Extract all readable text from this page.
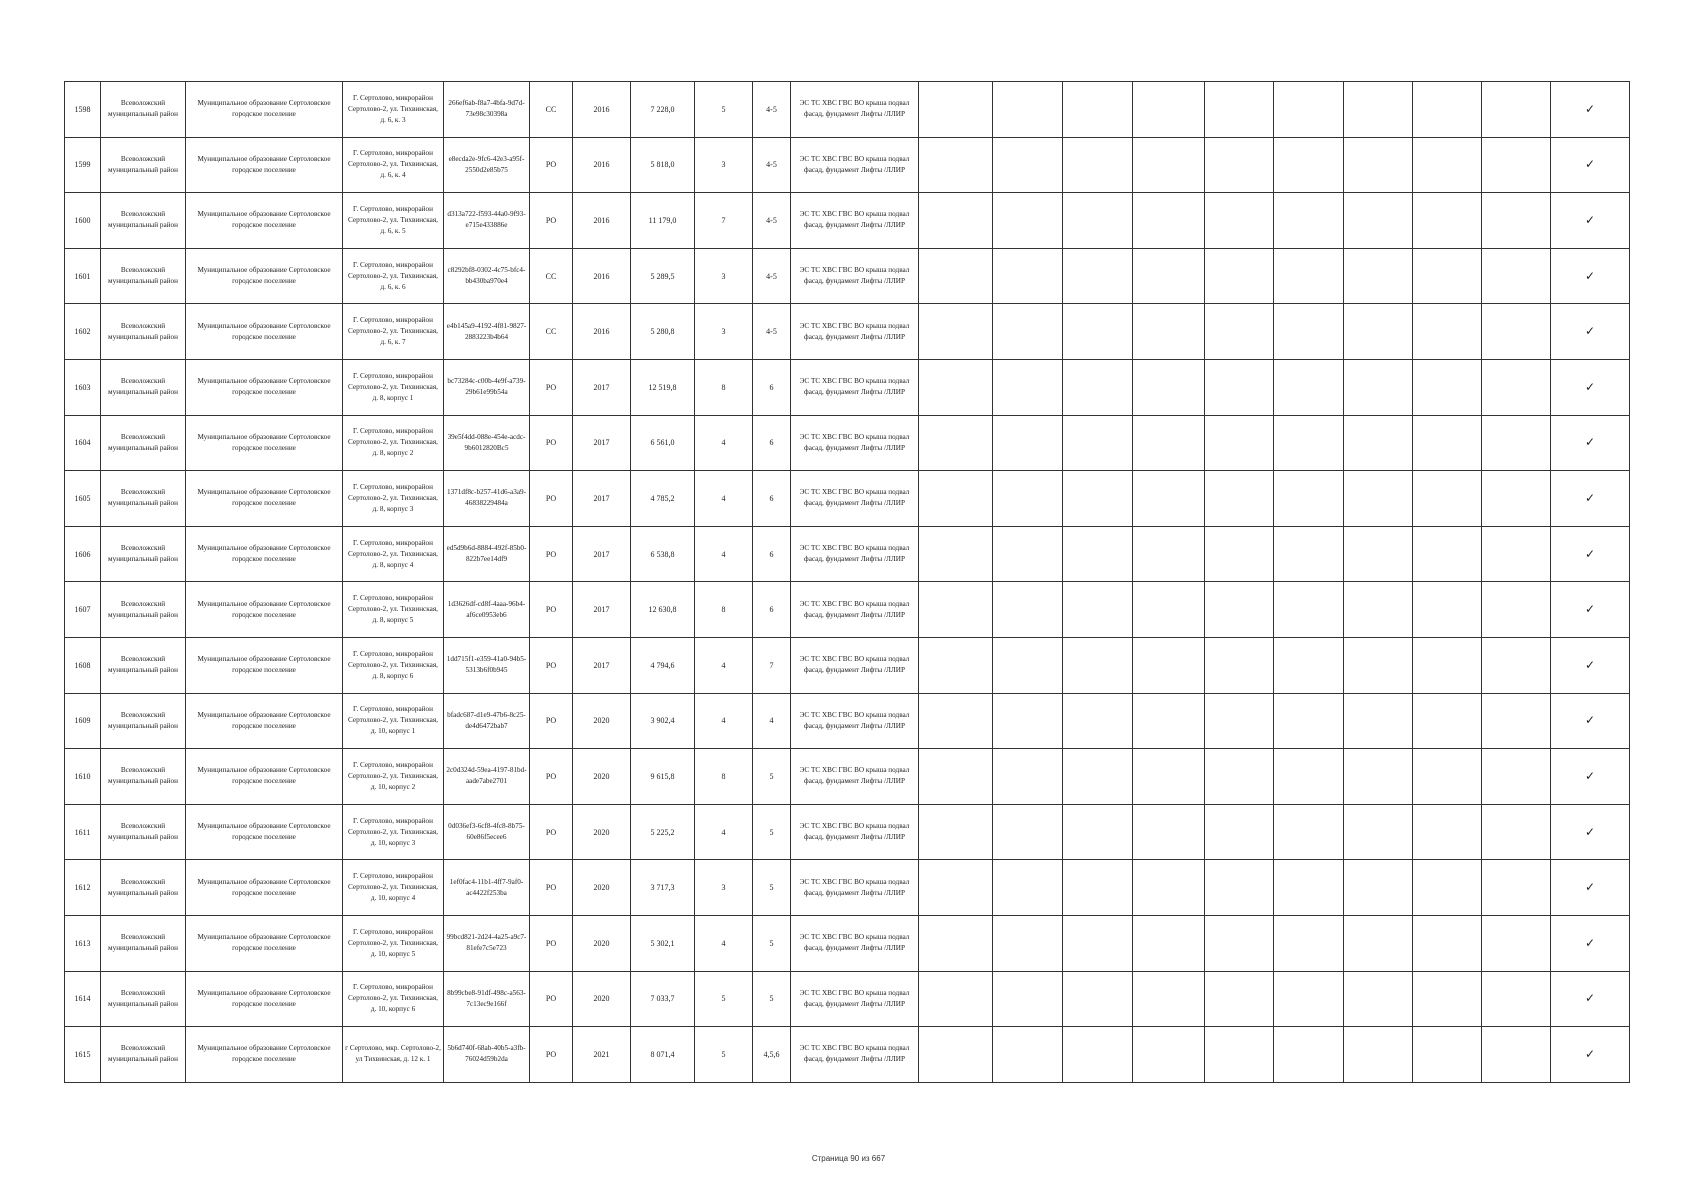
1598	Всеволожский муниципальный район	Муниципальное образование Сертоловское городское поселение	Г. Сертолово, микрорайон Сертолово-2, ул. Тихвинская, д. 6, к. 3	266ef6ab-f8a7-4bfa-9d7d-73e98c30398a	СС	2016	7 228,0	5	4-5	ЭС ТС ХВС ГВС ВО крыша подвал фасад, фундамент Лифты /ЛЛИР										✓
1599	Всеволожский муниципальный район	Муниципальное образование Сертоловское городское поселение	Г. Сертолово, микрорайон Сертолово-2, ул. Тихвинская, д. 6, к. 4	e8ecda2e-9fc6-42e3-a95f-2550d2e85b75	РО	2016	5 818,0	3	4-5	ЭС ТС ХВС ГВС ВО крыша подвал фасад, фундамент Лифты /ЛЛИР										✓
1600	Всеволожский муниципальный район	Муниципальное образование Сертоловское городское поселение	Г. Сертолово, микрорайон Сертолово-2, ул. Тихвинская, д. 6, к. 5	d313a722-f593-44a0-9f93-e715e433886e	РО	2016	11 179,0	7	4-5	ЭС ТС ХВС ГВС ВО крыша подвал фасад, фундамент Лифты /ЛЛИР										✓
1601	Всеволожский муниципальный район	Муниципальное образование Сертоловское городское поселение	Г. Сертолово, микрорайон Сертолово-2, ул. Тихвинская, д. 6, к. 6	c8292bf8-0302-4c75-bfc4-bb430ba970e4	СС	2016	5 289,5	3	4-5	ЭС ТС ХВС ГВС ВО крыша подвал фасад, фундамент Лифты /ЛЛИР										✓
1602	Всеволожский муниципальный район	Муниципальное образование Сертоловское городское поселение	Г. Сертолово, микрорайон Сертолово-2, ул. Тихвинская, д. 6, к. 7	e4b145a9-4192-4f81-9827-2883223b4b64	СС	2016	5 280,8	3	4-5	ЭС ТС ХВС ГВС ВО крыша подвал фасад, фундамент Лифты /ЛЛИР										✓
1603	Всеволожский муниципальный район	Муниципальное образование Сертоловское городское поселение	Г. Сертолово, микрорайон Сертолово-2, ул. Тихвинская, д. 8, корпус 1	bc73284c-c00b-4e9f-a739-29b61e99b54a	РО	2017	12 519,8	8	6	ЭС ТС ХВС ГВС ВО крыша подвал фасад, фундамент Лифты /ЛЛИР										✓
1604	Всеволожский муниципальный район	Муниципальное образование Сертоловское городское поселение	Г. Сертолово, микрорайон Сертолово-2, ул. Тихвинская, д. 8, корпус 2	39e5f4dd-088e-454e-acdc-9b6012820Bc5	РО	2017	6 561,0	4	6	ЭС ТС ХВС ГВС ВО крыша подвал фасад, фундамент Лифты /ЛЛИР										✓
1605	Всеволожский муниципальный район	Муниципальное образование Сертоловское городское поселение	Г. Сертолово, микрорайон Сертолово-2, ул. Тихвинская, д. 8, корпус 3	1371df8c-b257-41d6-a3a9-46838229484a	РО	2017	4 785,2	4	6	ЭС ТС ХВС ГВС ВО крыша подвал фасад, фундамент Лифты /ЛЛИР										✓
1606	Всеволожский муниципальный район	Муниципальное образование Сертоловское городское поселение	Г. Сертолово, микрорайон Сертолово-2, ул. Тихвинская, д. 8, корпус 4	ed5d9b6d-8884-492f-85b0-822b7ee14df9	РО	2017	6 538,8	4	6	ЭС ТС ХВС ГВС ВО крыша подвал фасад, фундамент Лифты /ЛЛИР										✓
1607	Всеволожский муниципальный район	Муниципальное образование Сертоловское городское поселение	Г. Сертолово, микрорайон Сертолово-2, ул. Тихвинская, д. 8, корпус 5	1d3626df-cd8f-4aaa-96b4-af6ce0953eb6	РО	2017	12 630,8	8	6	ЭС ТС ХВС ГВС ВО крыша подвал фасад, фундамент Лифты /ЛЛИР										✓
1608	Всеволожский муниципальный район	Муниципальное образование Сертоловское городское поселение	Г. Сертолово, микрорайон Сертолово-2, ул. Тихвинская, д. 8, корпус 6	1dd715f1-e359-41a0-94b5-5313b6f0b945	РО	2017	4 794,6	4	7	ЭС ТС ХВС ГВС ВО крыша подвал фасад, фундамент Лифты /ЛЛИР										✓
1609	Всеволожский муниципальный район	Муниципальное образование Сертоловское городское поселение	Г. Сертолово, микрорайон Сертолово-2, ул. Тихвинская, д. 10, корпус 1	bfadc687-d1e9-47b6-8c25-de4d6472bab7	РО	2020	3 902,4	4	4	ЭС ТС ХВС ГВС ВО крыша подвал фасад, фундамент Лифты /ЛЛИР										✓
1610	Всеволожский муниципальный район	Муниципальное образование Сертоловское городское поселение	Г. Сертолово, микрорайон Сертолово-2, ул. Тихвинская, д. 10, корпус 2	2c0d324d-59ea-4197-81bd-aade7abe2701	РО	2020	9 615,8	8	5	ЭС ТС ХВС ГВС ВО крыша подвал фасад, фундамент Лифты /ЛЛИР										✓
1611	Всеволожский муниципальный район	Муниципальное образование Сертоловское городское поселение	Г. Сертолово, микрорайон Сертолово-2, ул. Тихвинская, д. 10, корпус 3	0d036ef3-6cf8-4fc8-8b75-60e86f5ecee6	РО	2020	5 225,2	4	5	ЭС ТС ХВС ГВС ВО крыша подвал фасад, фундамент Лифты /ЛЛИР										✓
1612	Всеволожский муниципальный район	Муниципальное образование Сертоловское городское поселение	Г. Сертолово, микрорайон Сертолово-2, ул. Тихвинская, д. 10, корпус 4	1ef0fac4-11b1-4ff7-9af0-ac4422f253ba	РО	2020	3 717,3	3	5	ЭС ТС ХВС ГВС ВО крыша подвал фасад, фундамент Лифты /ЛЛИР										✓
1613	Всеволожский муниципальный район	Муниципальное образование Сертоловское городское поселение	Г. Сертолово, микрорайон Сертолово-2, ул. Тихвинская, д. 10, корпус 5	99bcd821-2d24-4a25-a9c7-81efe7c5e723	РО	2020	5 302,1	4	5	ЭС ТС ХВС ГВС ВО крыша подвал фасад, фундамент Лифты /ЛЛИР										✓
1614	Всеволожский муниципальный район	Муниципальное образование Сертоловское городское поселение	Г. Сертолово, микрорайон Сертолово-2, ул. Тихвинская, д. 10, корпус 6	8b99cbe8-91df-498c-a563-7c13ec9e166f	РО	2020	7 033,7	5	5	ЭС ТС ХВС ГВС ВО крыша подвал фасад, фундамент Лифты /ЛЛИР										✓
1615	Всеволожский муниципальный район	Муниципальное образование Сертоловское городское поселение	г Сертолово, мкр. Сертолово-2, ул Тихвинская, д. 12 к. 1	5b6d740f-68ab-40b5-a3fb-76024d59b2da	РО	2021	8 071,4	5	4,5,6	ЭС ТС ХВС ГВС ВО крыша подвал фасад, фундамент Лифты /ЛЛИР										✓
Страница 90 из 667
